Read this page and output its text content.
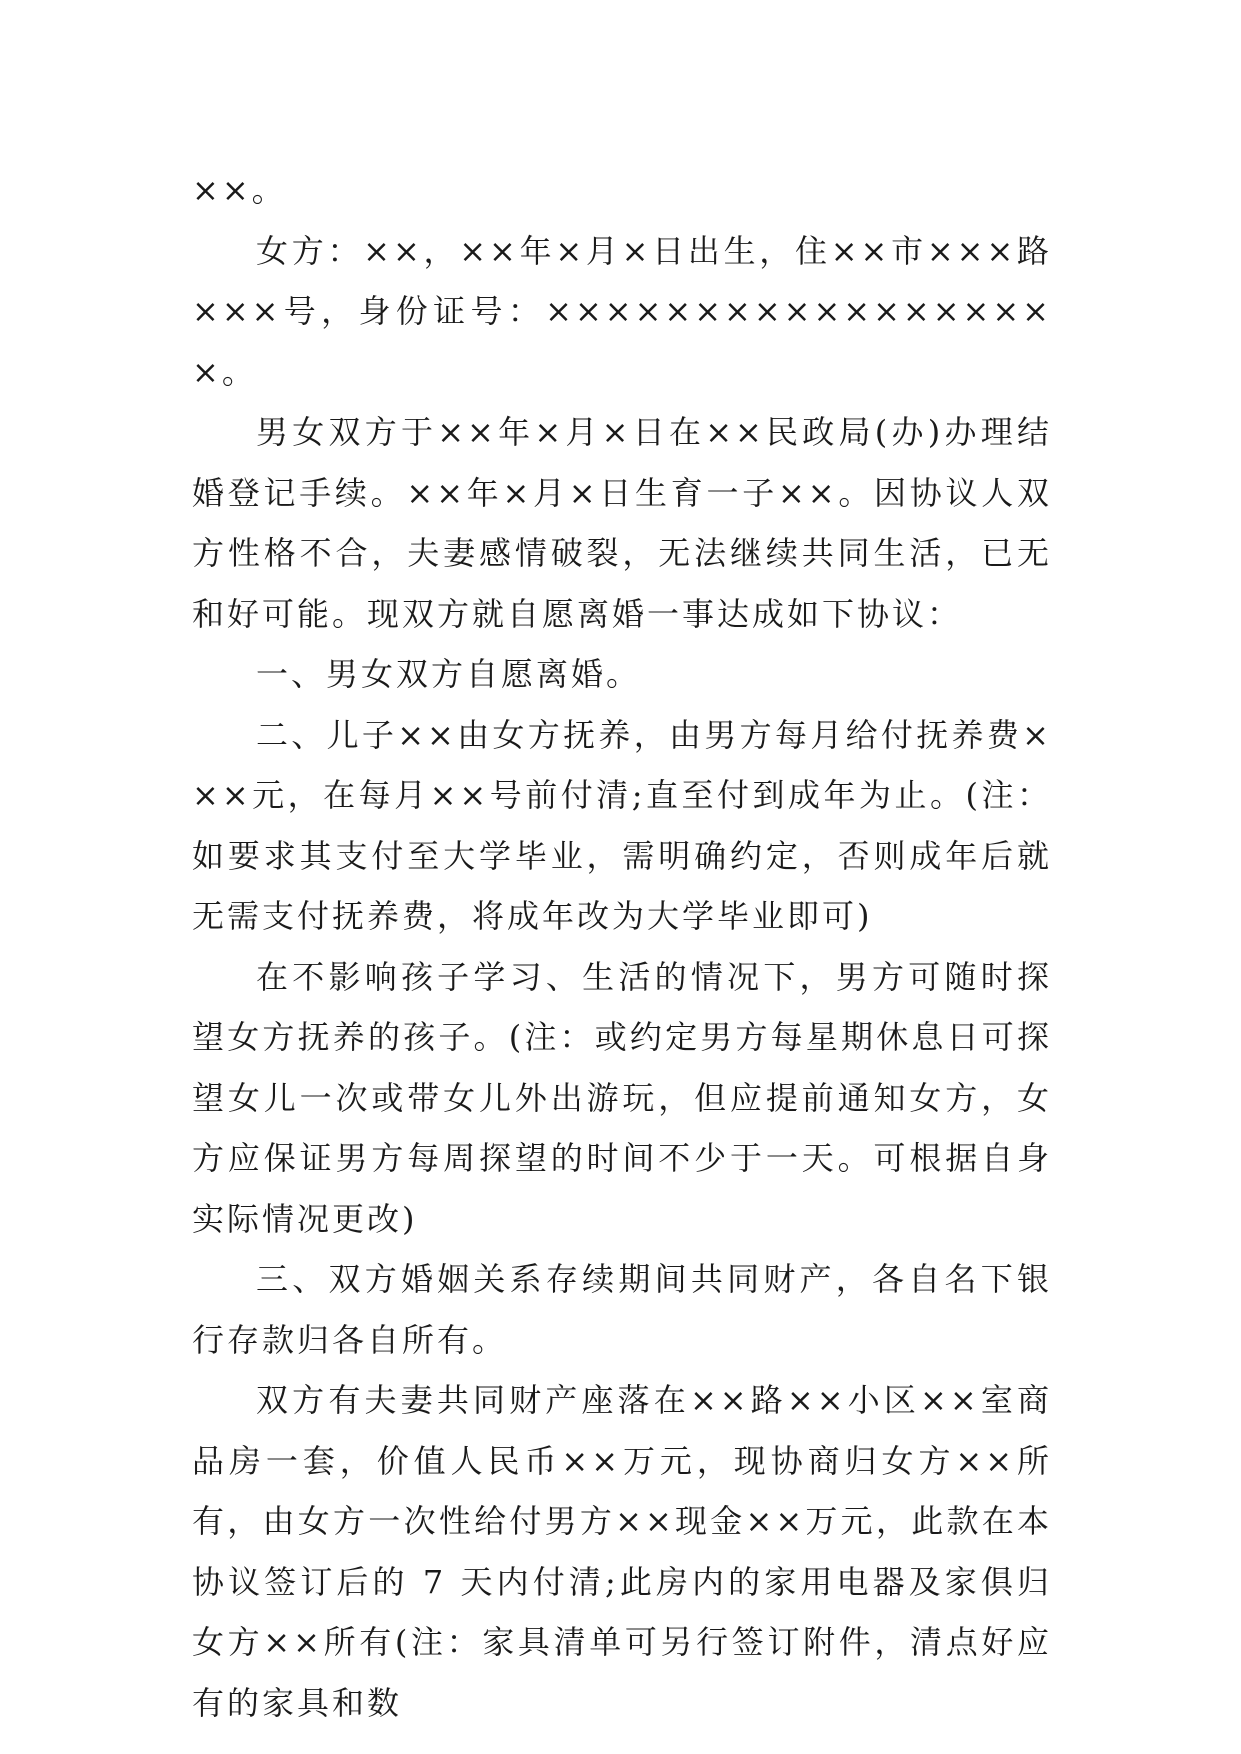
××。

女方：××，××年×月×日出生，住××市×××路×××号，身份证号：××××××××××××××××××。

男女双方于××年×月×日在××民政局(办)办理结婚登记手续。××年×月×日生育一子××。因协议人双方性格不合，夫妻感情破裂，无法继续共同生活，已无和好可能。现双方就自愿离婚一事达成如下协议：

一、男女双方自愿离婚。

二、儿子××由女方抚养，由男方每月给付抚养费×××元，在每月××号前付清;直至付到成年为止。(注：如要求其支付至大学毕业，需明确约定，否则成年后就无需支付抚养费，将成年改为大学毕业即可)

在不影响孩子学习、生活的情况下，男方可随时探望女方抚养的孩子。(注：或约定男方每星期休息日可探望女儿一次或带女儿外出游玩，但应提前通知女方，女方应保证男方每周探望的时间不少于一天。可根据自身实际情况更改)

三、双方婚姻关系存续期间共同财产，各自名下银行存款归各自所有。

双方有夫妻共同财产座落在××路××小区××室商品房一套，价值人民币××万元，现协商归女方××所有，由女方一次性给付男方××现金××万元，此款在本协议签订后的 7 天内付清;此房内的家用电器及家俱归女方××所有(注：家具清单可另行签订附件，清点好应有的家具和数
